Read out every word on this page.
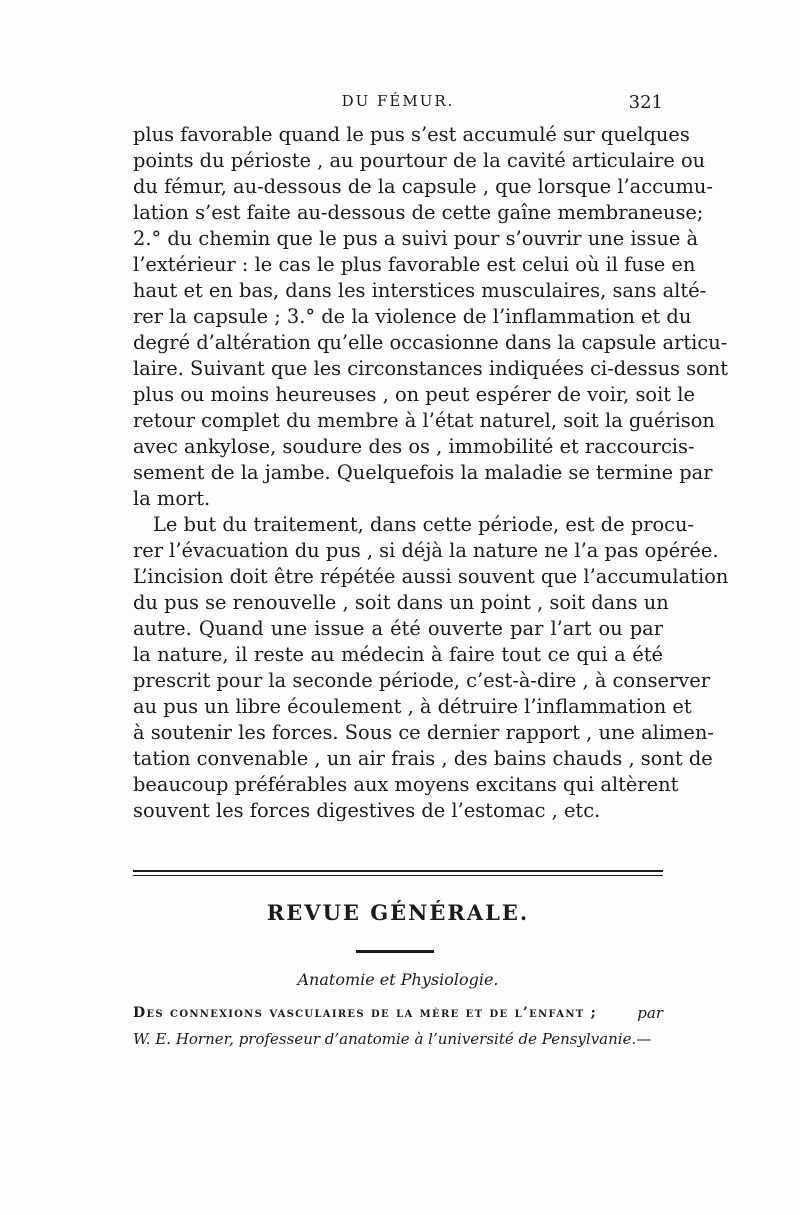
DU FÉMUR.	321

plus favorable quand le pus s’est accumulé sur quelques
points du périoste , au pourtour de la cavité articulaire ou
du fémur, au-dessous de la capsule , que lorsque l’accumu-
lation s’est faite au-dessous de cette gaîne membraneuse;
2.° du chemin que le pus a suivi pour s’ouvrir une issue à
l’extérieur : le cas le plus favorable est celui où il fuse en
haut et en bas, dans les interstices musculaires, sans alté-
rer la capsule ; 3.° de la violence de l’inflammation et du
degré d’altération qu’elle occasionne dans la capsule articu-
laire. Suivant que les circonstances indiquées ci-dessus sont
plus ou moins heureuses , on peut espérer de voir, soit le
retour complet du membre à l’état naturel, soit la guérison
avec ankylose, soudure des os , immobilité et raccourcis-
sement de la jambe. Quelquefois la maladie se termine par
la mort.

Le but du traitement, dans cette période, est de procu-
rer l’évacuation du pus , si déjà la nature ne l’a pas opérée.
L’incision doit être répétée aussi souvent que l’accumulation
du pus se renouvelle , soit dans un point , soit dans un
autre. Quand une issue a été ouverte par l’art ou par
la nature, il reste au médecin à faire tout ce qui a été
prescrit pour la seconde période, c’est-à-dire , à conserver
au pus un libre écoulement , à détruire l’inflammation et
à soutenir les forces. Sous ce dernier rapport , une alimen-
tation convenable , un air frais , des bains chauds , sont de
beaucoup préférables aux moyens excitans qui altèrent
souvent les forces digestives de l’estomac , etc.

REVUE GÉNÉRALE.
Anatomie et Physiologie.
Des connexions vasculaires de la mère et de l’enfant ;	par
W. E. Horner, professeur d’anatomie à l’université de Pensylvanie.—
